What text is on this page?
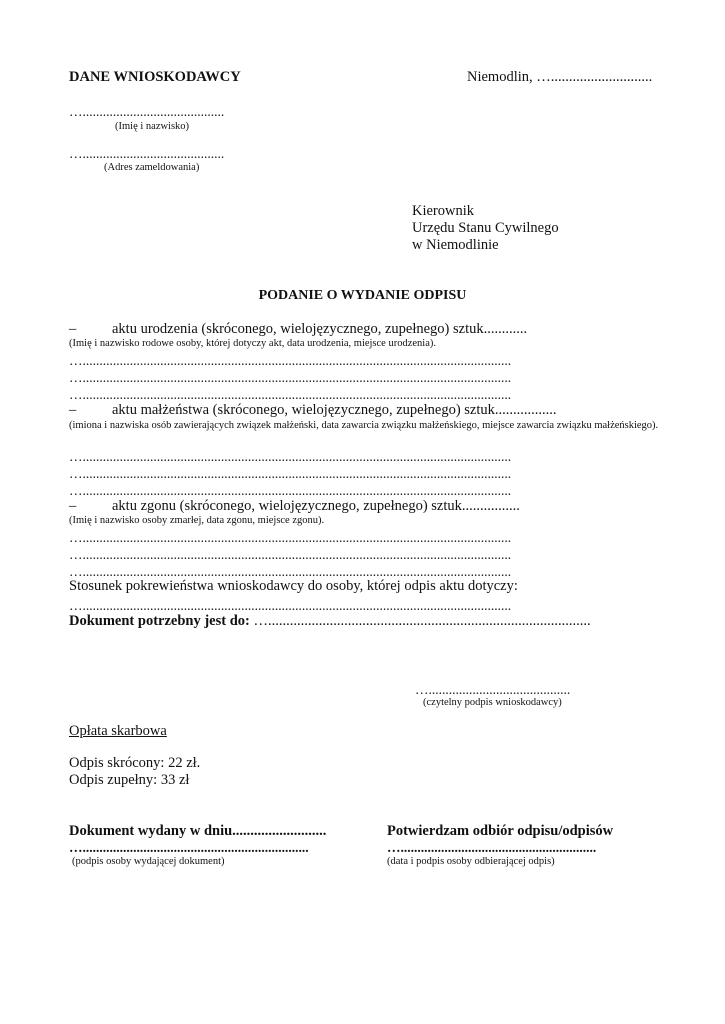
DANE WNIOSKODAWCY	Niemodlin, …............................
…..........................................
(Imię i nazwisko)
…..........................................
(Adres zameldowania)
Kierownik
Urzędu Stanu Cywilnego
w Niemodlinie
PODANIE O WYDANIE ODPISU
– aktu urodzenia (skróconego, wielojęzycznego, zupełnego) sztuk............
(Imię i nazwisko rodowe osoby, której dotyczy akt, data urodzenia, miejsce urodzenia).
…...............................................................................................................................
…...............................................................................................................................
…...............................................................................................................................
– aktu małżeństwa (skróconego, wielojęzycznego, zupełnego) sztuk.................
(imiona i nazwiska osób zawierających związek małżeński, data zawarcia związku małżeńskiego, miejsce zawarcia związku małżeńskiego).
…...............................................................................................................................
…...............................................................................................................................
…...............................................................................................................................
– aktu zgonu (skróconego, wielojęzycznego, zupełnego) sztuk................
(Imię i nazwisko osoby zmarłej, data zgonu, miejsce zgonu).
…...............................................................................................................................
…...............................................................................................................................
…...............................................................................................................................
Stosunek pokrewieństwa wnioskodawcy do osoby, której odpis aktu dotyczy:
…...............................................................................................................................
Dokument potrzebny jest do: ….........................................................................................
…..........................................
(czytelny podpis wnioskodawcy)
Opłata skarbowa
Odpis skrócony: 22 zł.
Odpis zupełny: 33 zł
Dokument wydany w dniu..........................
…...................................................................
(podpis osoby wydającej dokument)
Potwierdzam odbiór odpisu/odpisów
…..........................................................
(data i podpis osoby odbierającej odpis)
